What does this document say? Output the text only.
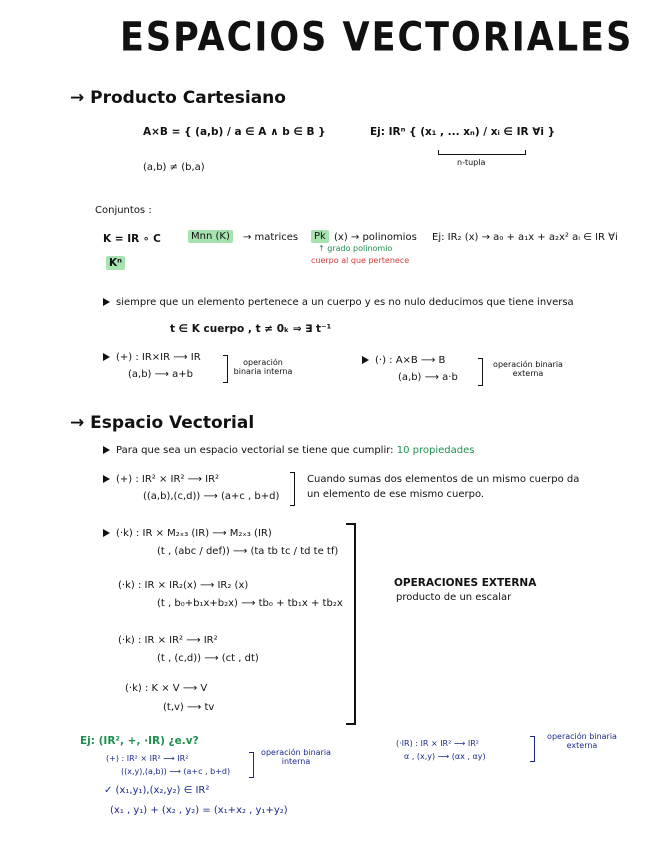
ESPACIOS VECTORIALES
→ Producto Cartesiano
A×B = { (a,b) / a ∈ A ∧ b ∈ B }	Ej: IRⁿ { (x₁ , ... xₙ) / xᵢ ∈ IR ∀i }
n-tupla
(a,b) ≠ (b,a)
Conjuntos :
K = IR ∘ C
Kⁿ
Mnn (K)	→ matrices	Pk (x) → polinomios
↑ grado polinomio
cuerpo al que pertenece
Ej: IR₂ (x) → a₀ + a₁x + a₂x² aᵢ ∈ IR ∀i
siempre que un elemento pertenece a un cuerpo y es no nulo deducimos que tiene inversa
t ∈ K cuerpo , t ≠ 0ₖ ⇒ ∃ t⁻¹
(+) : IR×IR ⟶ IR
(a,b) ⟶ a+b
operación binaria interna
(·) : A×B ⟶ B
(a,b) ⟶ a·b
operación binaria externa
→ Espacio Vectorial
Para que sea un espacio vectorial se tiene que cumplir: 10 propiedades
(+) : IR² × IR² ⟶ IR²
((a,b),(c,d)) ⟶ (a+c , b+d)
Cuando sumas dos elementos de un mismo cuerpo da un elemento de ese mismo cuerpo.
(·k) : IR × M₂ₓ₃ (IR) ⟶ M₂ₓ₃ (IR)
(t , (abc / def)) ⟶ (ta tb tc / td te tf)
(·k) : IR × IR₂(x) ⟶ IR₂ (x)
(t , b₀+b₁x+b₂x) ⟶ tb₀ + tb₁x + tb₂x
(·k) : IR × IR² ⟶ IR²
(t , (c,d)) ⟶ (ct , dt)
(·k) : K × V ⟶ V
(t,v) ⟶ tv
OPERACIONES EXTERNA
producto de un escalar
Ej: (IR², +, ·IR) ¿e.v?
(+) : IR² × IR² ⟶ IR²
((x,y),(a,b)) ⟶ (a+c , b+d)
operación binaria interna
✓ (x₁,y₁),(x₂,y₂) ∈ IR²
(x₁ , y₁) + (x₂ , y₂) = (x₁+x₂ , y₁+y₂)
(·IR) : IR × IR² ⟶ IR²
α , (x,y) ⟶ (αx , αy)
operación binaria externa
